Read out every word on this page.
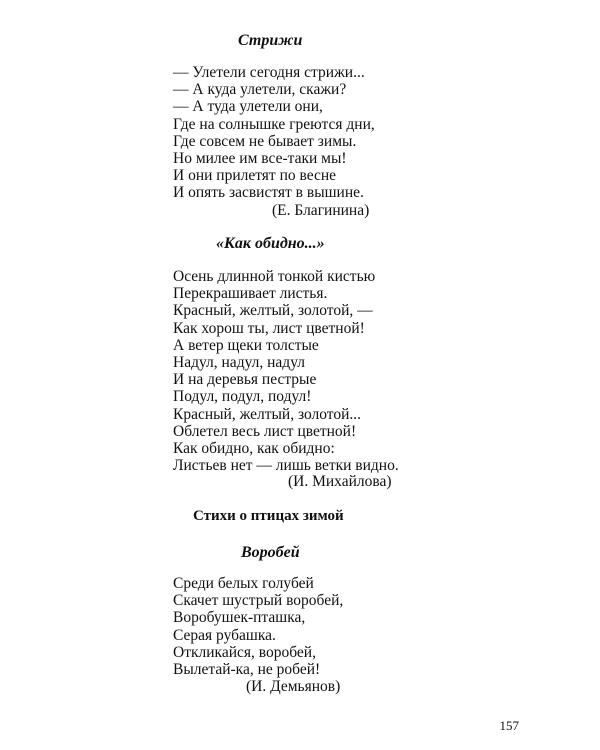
Стрижи
— Улетели сегодня стрижи...
— А куда улетели, скажи?
— А туда улетели они,
Где на солнышке греются дни,
Где совсем не бывает зимы.
Но милее им все-таки мы!
И они прилетят по весне
И опять засвистят в вышине.
(Е. Благинина)
«Как обидно...»
Осень длинной тонкой кистью
Перекрашивает листья.
Красный, желтый, золотой, —
Как хорош ты, лист цветной!
А ветер щеки толстые
Надул, надул, надул
И на деревья пестрые
Подул, подул, подул!
Красный, желтый, золотой...
Облетел весь лист цветной!
Как обидно, как обидно:
Листьев нет — лишь ветки видно.
(И. Михайлова)
Стихи о птицах зимой
Воробей
Среди белых голубей
Скачет шустрый воробей,
Воробушек-пташка,
Серая рубашка.
Откликайся, воробей,
Вылетай-ка, не робей!
(И. Демьянов)
157
